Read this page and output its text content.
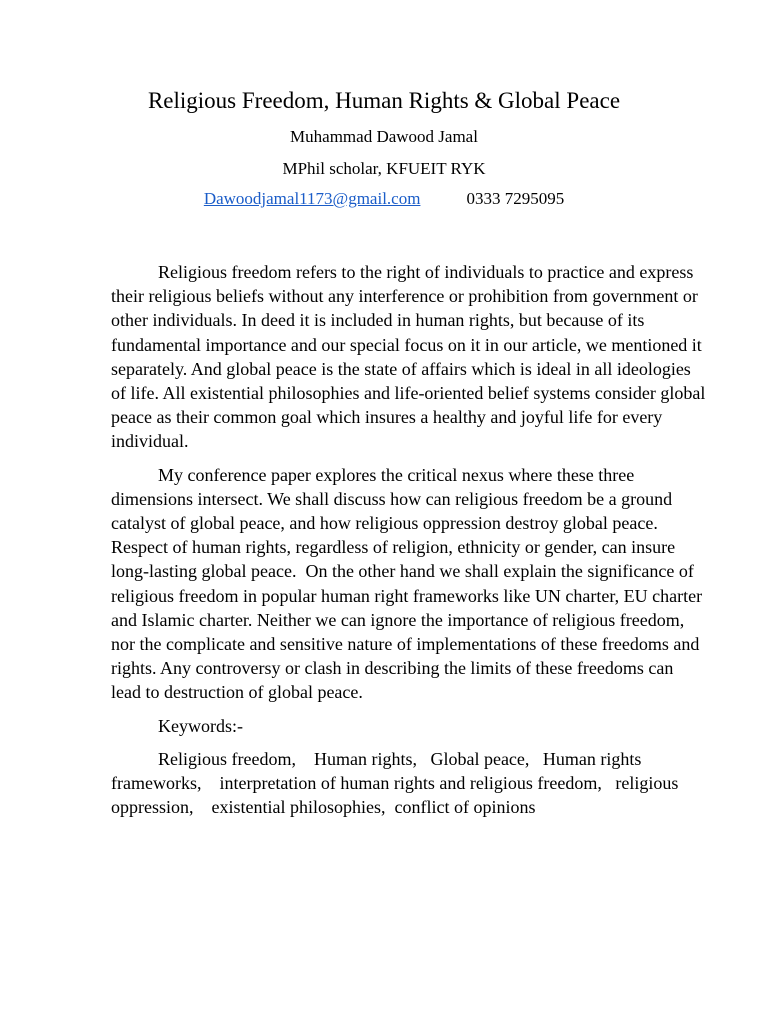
Religious Freedom, Human Rights & Global Peace
Muhammad Dawood Jamal
MPhil scholar, KFUEIT RYK
Dawoodjamal1173@gmail.com	0333 7295095

Religious freedom refers to the right of individuals to practice and express their religious beliefs without any interference or prohibition from government or other individuals. In deed it is included in human rights, but because of its fundamental importance and our special focus on it in our article, we mentioned it separately. And global peace is the state of affairs which is ideal in all ideologies of life. All existential philosophies and life-oriented belief systems consider global peace as their common goal which insures a healthy and joyful life for every individual.

My conference paper explores the critical nexus where these three dimensions intersect. We shall discuss how can religious freedom be a ground catalyst of global peace, and how religious oppression destroy global peace. Respect of human rights, regardless of religion, ethnicity or gender, can insure long-lasting global peace.  On the other hand we shall explain the significance of religious freedom in popular human right frameworks like UN charter, EU charter and Islamic charter. Neither we can ignore the importance of religious freedom, nor the complicate and sensitive nature of implementations of these freedoms and rights. Any controversy or clash in describing the limits of these freedoms can lead to destruction of global peace.

Keywords:-

Religious freedom,    Human rights,   Global peace,   Human rights frameworks,    interpretation of human rights and religious freedom,   religious oppression,    existential philosophies,  conflict of opinions
